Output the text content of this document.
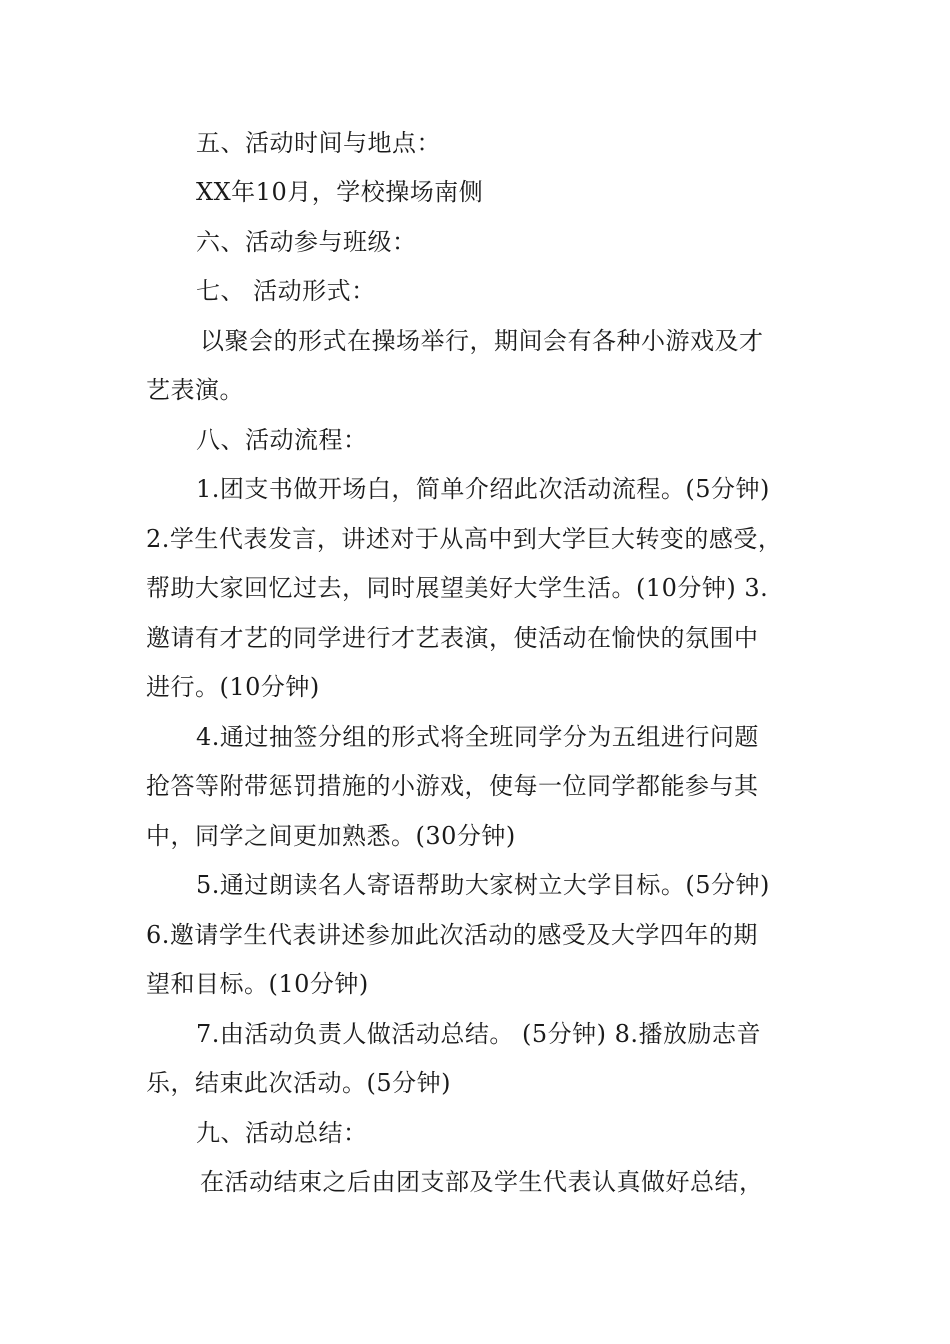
五、活动时间与地点：
XX年10月，学校操场南侧
六、活动参与班级：
七、 活动形式：
以聚会的形式在操场举行，期间会有各种小游戏及才
艺表演。
八、活动流程：
1.团支书做开场白，简单介绍此次活动流程。(5分钟)
2.学生代表发言，讲述对于从高中到大学巨大转变的感受，
帮助大家回忆过去，同时展望美好大学生活。(10分钟) 3.
邀请有才艺的同学进行才艺表演，使活动在愉快的氛围中
进行。(10分钟)
4.通过抽签分组的形式将全班同学分为五组进行问题
抢答等附带惩罚措施的小游戏，使每一位同学都能参与其
中，同学之间更加熟悉。(30分钟)
5.通过朗读名人寄语帮助大家树立大学目标。(5分钟)
6.邀请学生代表讲述参加此次活动的感受及大学四年的期
望和目标。(10分钟)
7.由活动负责人做活动总结。 (5分钟) 8.播放励志音
乐，结束此次活动。(5分钟)
九、活动总结：
在活动结束之后由团支部及学生代表认真做好总结，
